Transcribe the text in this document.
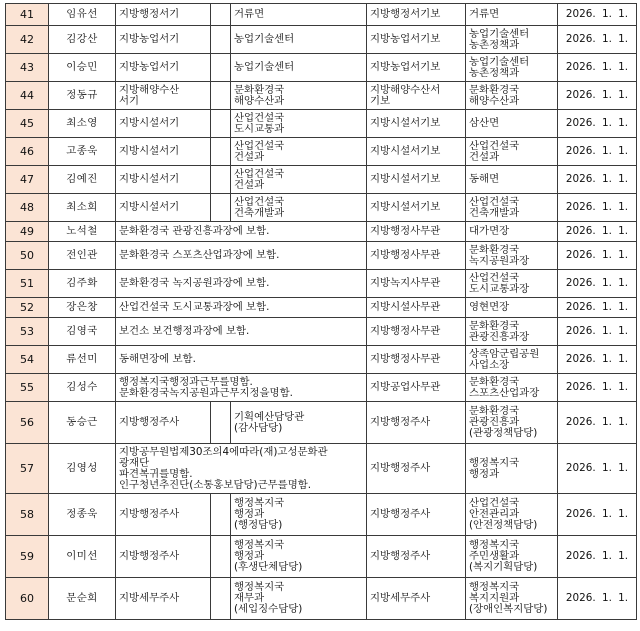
41	임유선	지방행정서기		거류면	지방행정서기보	거류면	2026. 1. 1.
42	김강산	지방농업서기		농업기술센터	지방농업서기보	농업기술센터
농촌정책과	2026. 1. 1.
43	이승민	지방농업서기		농업기술센터	지방농업서기보	농업기술센터
농촌정책과	2026. 1. 1.
44	정동규	지방해양수산
서기		문화환경국
해양수산과	지방해양수산서
기보	문화환경국
해양수산과	2026. 1. 1.
45	최소영	지방시설서기		산업건설국
도시교통과	지방시설서기보	삼산면	2026. 1. 1.
46	고종욱	지방시설서기		산업건설국
건설과	지방시설서기보	산업건설국
건설과	2026. 1. 1.
47	김예진	지방시설서기		산업건설국
건설과	지방시설서기보	동해면	2026. 1. 1.
48	최소희	지방시설서기		산업건설국
건축개발과	지방시설서기보	산업건설국
건축개발과	2026. 1. 1.
49	노석철	문화환경국 관광진흥과장에 보함.			지방행정사무관	대가면장	2026. 1. 1.
50	전인관	문화환경국 스포츠산업과장에 보함.			지방행정사무관	문화환경국
녹지공원과장	2026. 1. 1.
51	김주화	문화환경국 녹지공원과장에 보함.			지방녹지사무관	산업건설국
도시교통과장	2026. 1. 1.
52	장은창	산업건설국 도시교통과장에 보함.			지방시설사무관	영현면장	2026. 1. 1.
53	김영국	보건소 보건행정과장에 보함.			지방행정사무관	문화환경국
관광진흥과장	2026. 1. 1.
54	류선미	동해면장에 보함.			지방행정사무관	상족암군립공원
사업소장	2026. 1. 1.
55	김성수	행정복지국행정과근무를명함.
문화환경국녹지공원과근무지정을명함.			지방공업사무관	문화환경국
스포츠산업과장	2026. 1. 1.
56	동승근	지방행정주사		기획예산담당관
(감사담당)	지방행정주사	문화환경국
관광진흥과
(관광정책담당)	2026. 1. 1.
57	김영성	지방공무원법제30조의4에따라(재)고성문화관
광재단
파견복귀를명함.
인구청년추진단(소통홍보담당)근무를명함.			지방행정주사	행정복지국
행정과	2026. 1. 1.
58	정종욱	지방행정주사		행정복지국
행정과
(행정담당)	지방행정주사	산업건설국
안전관리과
(안전정책담당)	2026. 1. 1.
59	이미선	지방행정주사		행정복지국
행정과
(후생단체담당)	지방행정주사	행정복지국
주민생활과
(복지기획담당)	2026. 1. 1.
60	문순희	지방세무주사		행정복지국
재무과
(세입징수담당)	지방세무주사	행정복지국
복지지원과
(장애인복지담당)	2026. 1. 1.
